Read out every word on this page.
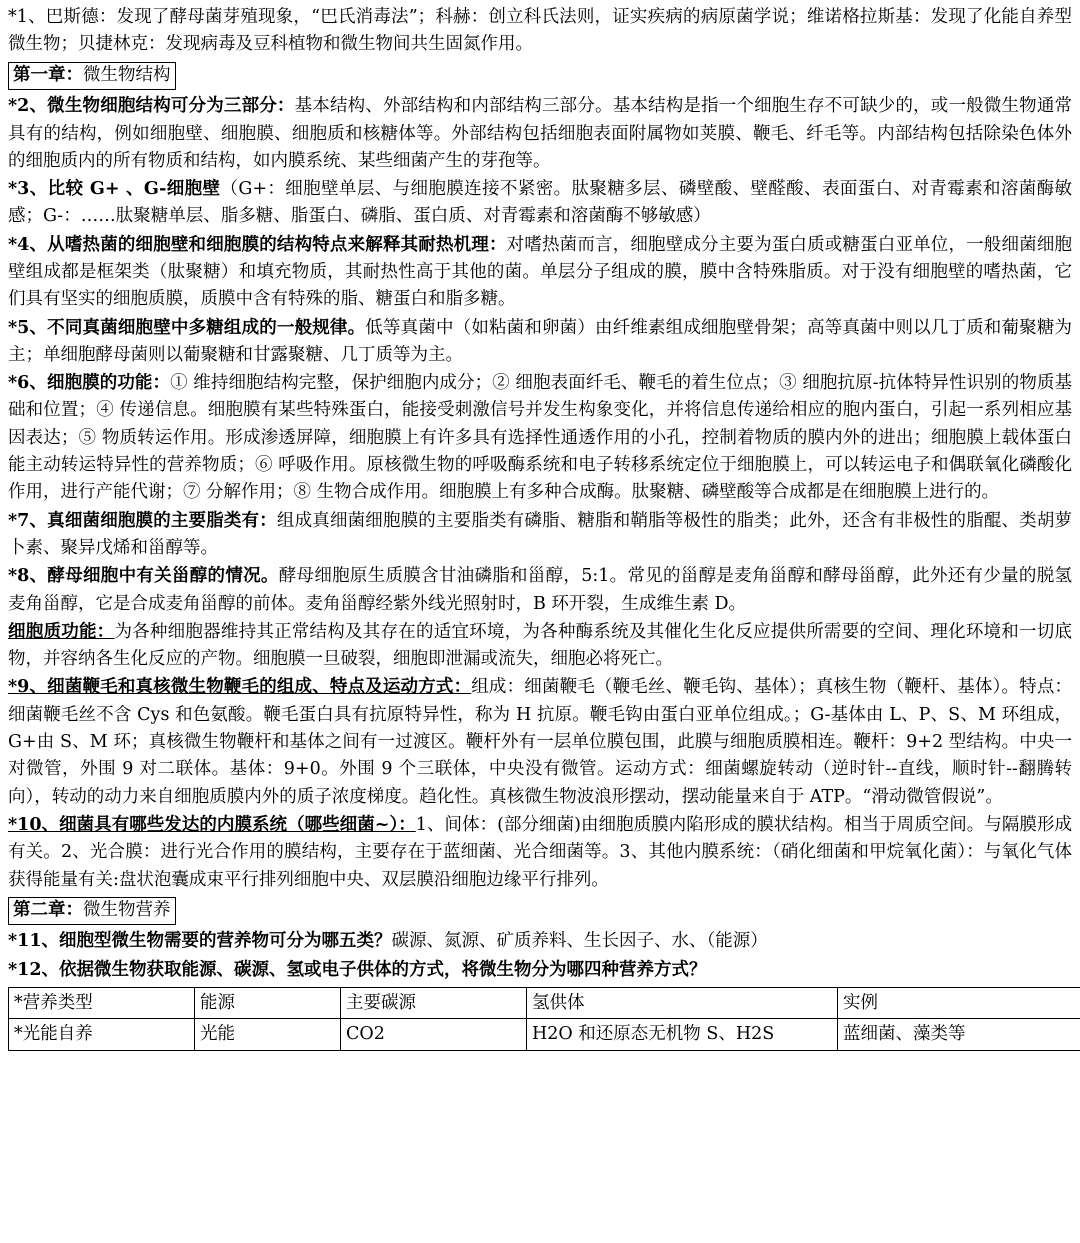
*1、巴斯德：发现了酵母菌芽殖现象，“巴氏消毒法”；科赫：创立科氏法则，证实疾病的病原菌学说；维诺格拉斯基：发现了化能自养型微生物；贝捷林克：发现病毒及豆科植物和微生物间共生固氮作用。

第一章：微生物结构

*2、微生物细胞结构可分为三部分：基本结构、外部结构和内部结构三部分。基本结构是指一个细胞生存不可缺少的，或一般微生物通常具有的结构，例如细胞壁、细胞膜、细胞质和核糖体等。外部结构包括细胞表面附属物如荚膜、鞭毛、纤毛等。内部结构包括除染色体外的细胞质内的所有物质和结构，如内膜系统、某些细菌产生的芽孢等。

*3、比较 G+ 、G-细胞壁（G+：细胞壁单层、与细胞膜连接不紧密。肽聚糖多层、磷壁酸、壁醛酸、表面蛋白、对青霉素和溶菌酶敏感；G-：……肽聚糖单层、脂多糖、脂蛋白、磷脂、蛋白质、对青霉素和溶菌酶不够敏感）

*4、从嗜热菌的细胞壁和细胞膜的结构特点来解释其耐热机理：对嗜热菌而言，细胞壁成分主要为蛋白质或糖蛋白亚单位，一般细菌细胞壁组成都是框架类（肽聚糖）和填充物质，其耐热性高于其他的菌。单层分子组成的膜，膜中含特殊脂质。对于没有细胞壁的嗜热菌，它们具有坚实的细胞质膜，质膜中含有特殊的脂、糖蛋白和脂多糖。

*5、不同真菌细胞壁中多糖组成的一般规律。低等真菌中（如粘菌和卵菌）由纤维素组成细胞壁骨架；高等真菌中则以几丁质和葡聚糖为主；单细胞酵母菌则以葡聚糖和甘露聚糖、几丁质等为主。

*6、细胞膜的功能：① 维持细胞结构完整，保护细胞内成分；② 细胞表面纤毛、鞭毛的着生位点；③ 细胞抗原-抗体特异性识别的物质基础和位置；④ 传递信息。细胞膜有某些特殊蛋白，能接受刺激信号并发生构象变化，并将信息传递给相应的胞内蛋白，引起一系列相应基因表达；⑤ 物质转运作用。形成渗透屏障，细胞膜上有许多具有选择性通透作用的小孔，控制着物质的膜内外的进出；细胞膜上载体蛋白能主动转运特异性的营养物质；⑥ 呼吸作用。原核微生物的呼吸酶系统和电子转移系统定位于细胞膜上，可以转运电子和偶联氧化磷酸化作用，进行产能代谢；⑦ 分解作用；⑧ 生物合成作用。细胞膜上有多种合成酶。肽聚糖、磷壁酸等合成都是在细胞膜上进行的。

*7、真细菌细胞膜的主要脂类有：组成真细菌细胞膜的主要脂类有磷脂、糖脂和鞘脂等极性的脂类；此外，还含有非极性的脂醌、类胡萝卜素、聚异戊烯和甾醇等。

*8、酵母细胞中有关甾醇的情况。酵母细胞原生质膜含甘油磷脂和甾醇，5:1。常见的甾醇是麦角甾醇和酵母甾醇，此外还有少量的脱氢麦角甾醇，它是合成麦角甾醇的前体。麦角甾醇经紫外线光照射时，B 环开裂，生成维生素 D。

细胞质功能：为各种细胞器维持其正常结构及其存在的适宜环境，为各种酶系统及其催化生化反应提供所需要的空间、理化环境和一切底物，并容纳各生化反应的产物。细胞膜一旦破裂，细胞即泄漏或流失，细胞必将死亡。

*9、细菌鞭毛和真核微生物鞭毛的组成、特点及运动方式：组成：细菌鞭毛（鞭毛丝、鞭毛钩、基体）；真核生物（鞭杆、基体）。特点：细菌鞭毛丝不含 Cys 和色氨酸。鞭毛蛋白具有抗原特异性，称为 H 抗原。鞭毛钩由蛋白亚单位组成。；G-基体由 L、P、S、M 环组成，G+由 S、M 环；真核微生物鞭杆和基体之间有一过渡区。鞭杆外有一层单位膜包围，此膜与细胞质膜相连。鞭杆：9+2 型结构。中央一对微管，外围 9 对二联体。基体：9+0。外围 9 个三联体，中央没有微管。运动方式：细菌螺旋转动（逆时针--直线，顺时针--翻腾转向），转动的动力来自细胞质膜内外的质子浓度梯度。趋化性。真核微生物波浪形摆动，摆动能量来自于 ATP。“滑动微管假说”。

*10、细菌具有哪些发达的内膜系统（哪些细菌~）：1、间体：(部分细菌)由细胞质膜内陷形成的膜状结构。相当于周质空间。与隔膜形成有关。2、光合膜：进行光合作用的膜结构，主要存在于蓝细菌、光合细菌等。3、其他内膜系统：（硝化细菌和甲烷氧化菌）：与氧化气体获得能量有关:盘状泡囊成束平行排列细胞中央、双层膜沿细胞边缘平行排列。

第二章：微生物营养

*11、细胞型微生物需要的营养物可分为哪五类？碳源、氮源、矿质养料、生长因子、水、（能源）

*12、依据微生物获取能源、碳源、氢或电子供体的方式，将微生物分为哪四种营养方式？

*营养类型	能源	主要碳源	氢供体	实例
*光能自养	光能	CO2	H2O 和还原态无机物 S、H2S	蓝细菌、藻类等
